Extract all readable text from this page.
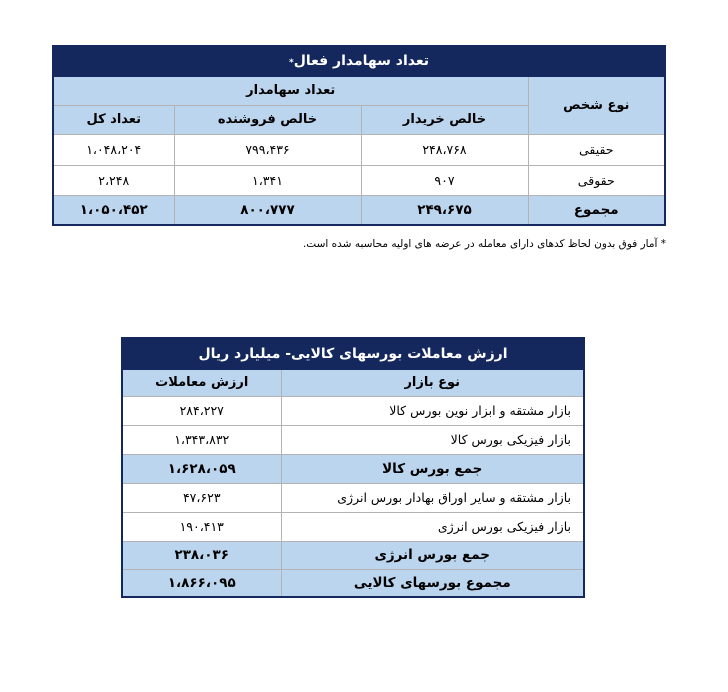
تعداد سهامدار فعال*			
نوع شخص	تعداد سهامدار		
	خالص خریدار	خالص فروشنده	تعداد کل
حقیقی	۲۴۸،۷۶۸	۷۹۹،۴۳۶	۱،۰۴۸،۲۰۴
حقوقی	۹۰۷	۱،۳۴۱	۲،۲۴۸
مجموع	۲۴۹،۶۷۵	۸۰۰،۷۷۷	۱،۰۵۰،۴۵۲
* آمار فوق بدون لحاظ کدهای دارای معامله در عرضه های اولیه محاسبه شده است.
ارزش معاملات بورسهای کالایی- میلیارد ریال	
نوع بازار	ارزش معاملات
بازار مشتقه و ابزار نوین بورس کالا	۲۸۴،۲۲۷
بازار فیزیکی بورس کالا	۱،۳۴۳،۸۳۲
جمع بورس کالا	۱،۶۲۸،۰۵۹
بازار مشتقه و سایر اوراق بهادار بورس انرژی	۴۷،۶۲۳
بازار فیزیکی بورس انرژی	۱۹۰،۴۱۳
جمع بورس انرژی	۲۳۸،۰۳۶
مجموع بورسهای کالایی	۱،۸۶۶،۰۹۵
